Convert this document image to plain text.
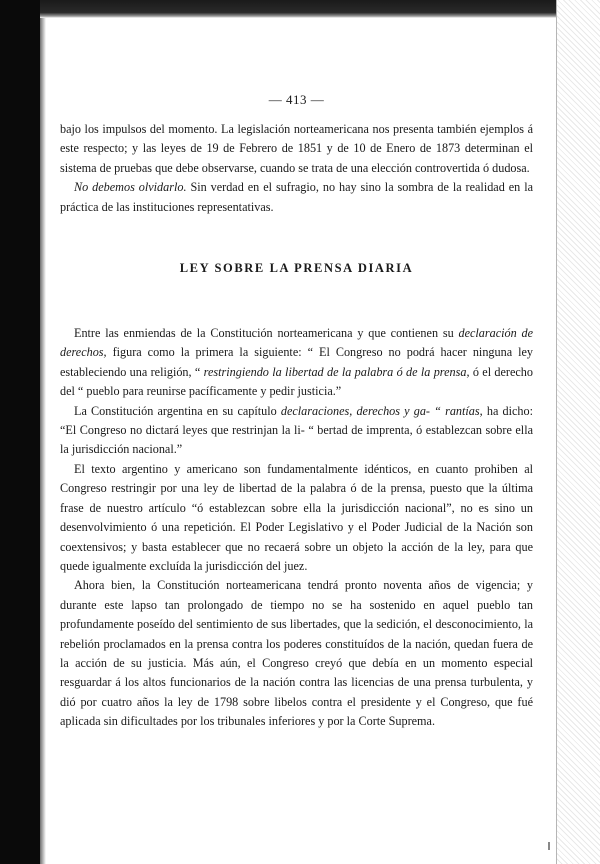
— 413 —

bajo los impulsos del momento. La legislación norteamericana nos presenta también ejemplos á este respecto; y las leyes de 19 de Febrero de 1851 y de 10 de Enero de 1873 determinan el sistema de pruebas que debe observarse, cuando se trata de una elección controvertida ó dudosa.

No debemos olvidarlo. Sin verdad en el sufragio, no hay sino la sombra de la realidad en la práctica de las instituciones representativas.

LEY SOBRE LA PRENSA DIARIA

Entre las enmiendas de la Constitución norteamericana y que contienen su declaración de derechos, figura como la primera la siguiente: “ El Congreso no podrá hacer ninguna ley estableciendo una religión, “ restringiendo la libertad de la palabra ó de la prensa, ó el derecho del “ pueblo para reunirse pacíficamente y pedir justicia.”

La Constitución argentina en su capítulo declaraciones, derechos y ga- “ rantías, ha dicho: “El Congreso no dictará leyes que restrinjan la li- “ bertad de imprenta, ó establezcan sobre ella la jurisdicción nacional.”

El texto argentino y americano son fundamentalmente idénticos, en cuanto prohiben al Congreso restringir por una ley de libertad de la palabra ó de la prensa, puesto que la última frase de nuestro artículo “ó establezcan sobre ella la jurisdicción nacional”, no es sino un desenvolvimiento ó una repetición. El Poder Legislativo y el Poder Judicial de la Nación son coextensivos; y basta establecer que no recaerá sobre un objeto la acción de la ley, para que quede igualmente excluída la jurisdicción del juez.

Ahora bien, la Constitución norteamericana tendrá pronto noventa años de vigencia; y durante este lapso tan prolongado de tiempo no se ha sostenido en aquel pueblo tan profundamente poseído del sentimiento de sus libertades, que la sedición, el desconocimiento, la rebelión proclamados en la prensa contra los poderes constituídos de la nación, quedan fuera de la acción de su justicia. Más aún, el Congreso creyó que debía en un momento especial resguardar á los altos funcionarios de la nación contra las licencias de una prensa turbulenta, y dió por cuatro años la ley de 1798 sobre libelos contra el presidente y el Congreso, que fué aplicada sin dificultades por los tribunales inferiores y por la Corte Suprema.
